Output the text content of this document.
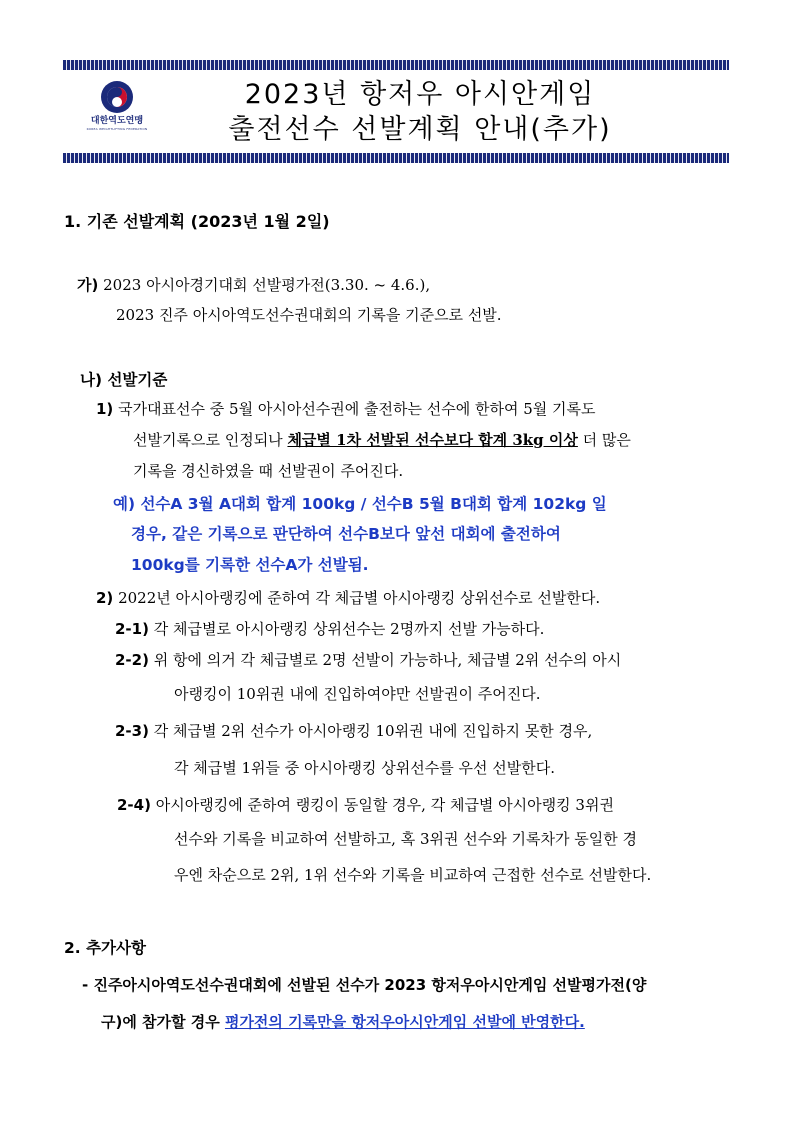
대한역도연맹
KOREA WEIGHTLIFTING FEDERATION
2023년 항저우 아시안게임
출전선수 선발계획 안내(추가)
1. 기존 선발계획 (2023년 1월 2일)
가) 2023 아시아경기대회 선발평가전(3.30. ~ 4.6.),
2023 진주 아시아역도선수권대회의 기록을 기준으로 선발.
나) 선발기준
1) 국가대표선수 중 5월 아시아선수권에 출전하는 선수에 한하여 5월 기록도
선발기록으로 인정되나 체급별 1차 선발된 선수보다 합계 3kg 이상 더 많은
기록을 경신하였을 때 선발권이 주어진다.
예) 선수A 3월 A대회 합계 100kg / 선수B 5월 B대회 합계 102kg 일
경우, 같은 기록으로 판단하여 선수B보다 앞선 대회에 출전하여
100kg를 기록한 선수A가 선발됨.
2) 2022년 아시아랭킹에 준하여 각 체급별 아시아랭킹 상위선수로 선발한다.
2-1) 각 체급별로 아시아랭킹 상위선수는 2명까지 선발 가능하다.
2-2) 위 항에 의거 각 체급별로 2명 선발이 가능하나, 체급별 2위 선수의 아시
아랭킹이 10위권 내에 진입하여야만 선발권이 주어진다.
2-3) 각 체급별 2위 선수가 아시아랭킹 10위권 내에 진입하지 못한 경우,
각 체급별 1위들 중 아시아랭킹 상위선수를 우선 선발한다.
2-4) 아시아랭킹에 준하여 랭킹이 동일할 경우, 각 체급별 아시아랭킹 3위권
선수와 기록을 비교하여 선발하고, 혹 3위권 선수와 기록차가 동일한 경
우엔 차순으로 2위, 1위 선수와 기록을 비교하여 근접한 선수로 선발한다.
2. 추가사항
- 진주아시아역도선수권대회에 선발된 선수가 2023 항저우아시안게임 선발평가전(양
구)에 참가할 경우 평가전의 기록만을 항저우아시안게임 선발에 반영한다.
